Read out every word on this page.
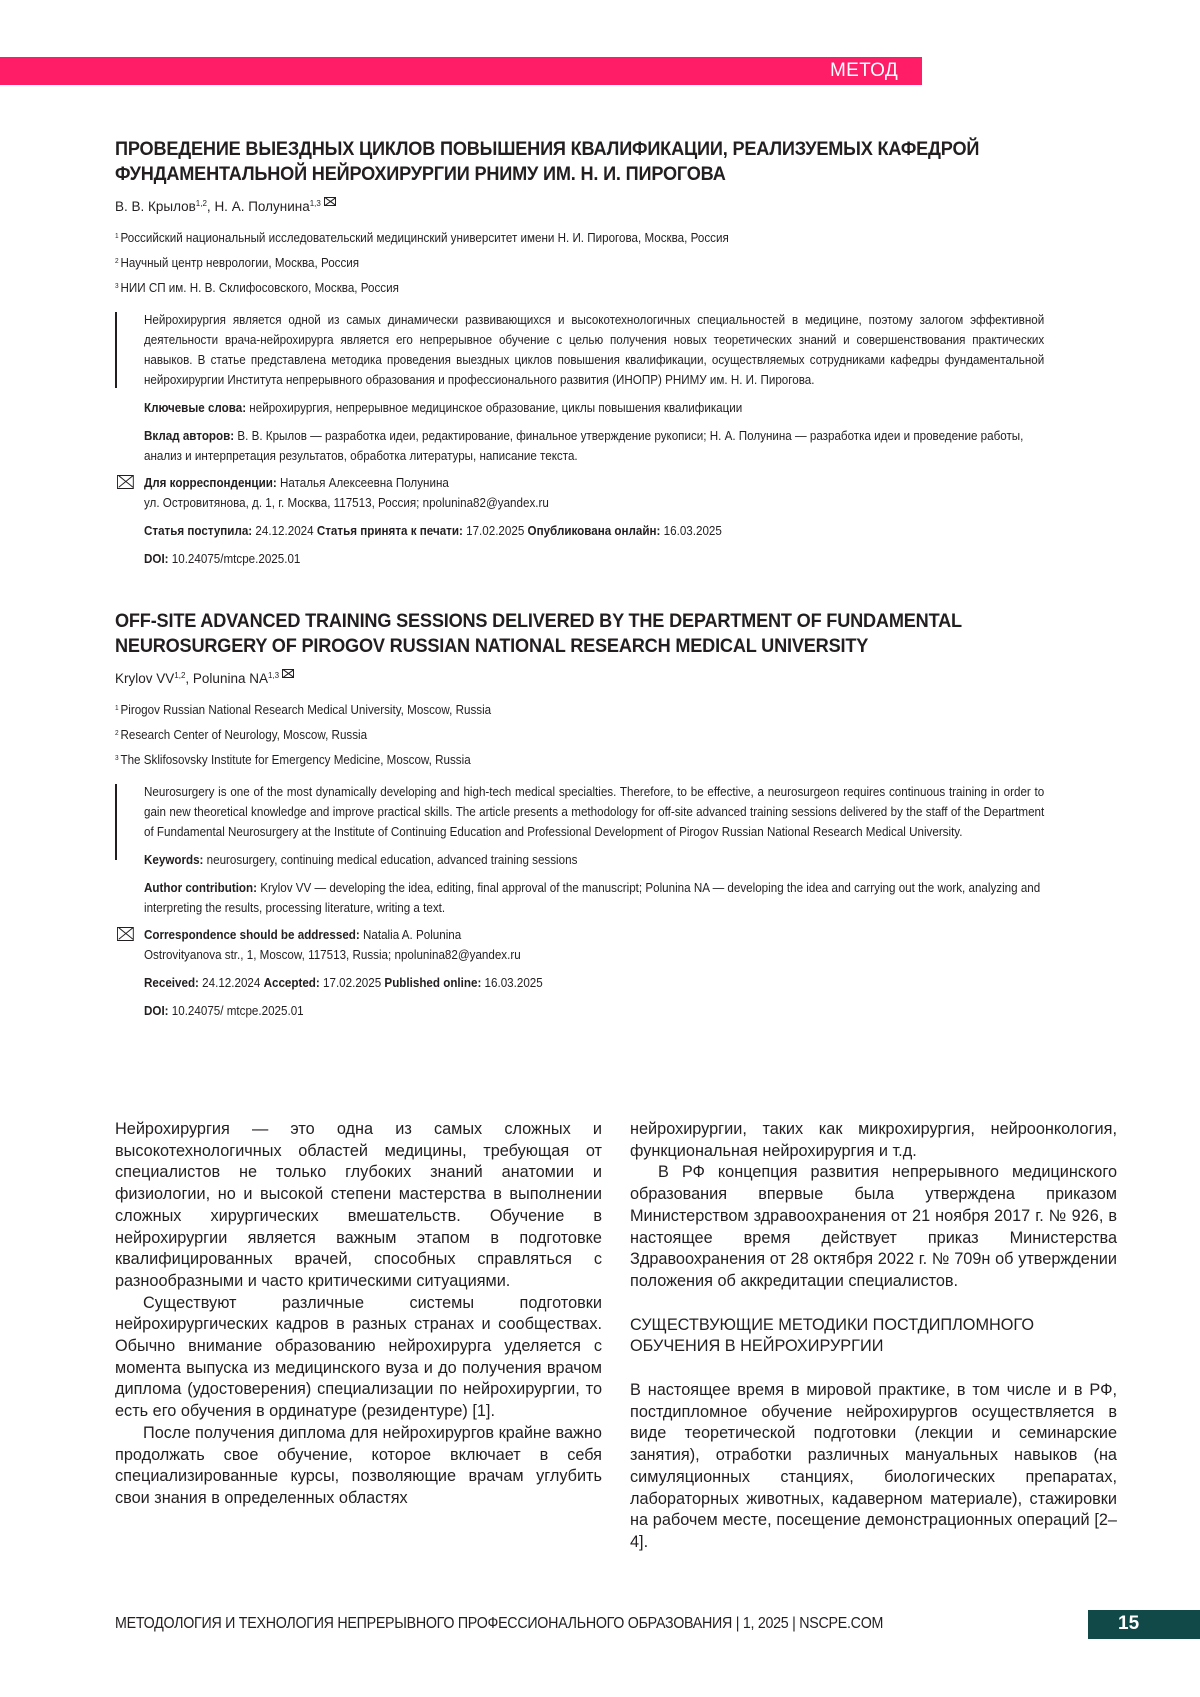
МЕТОД
ПРОВЕДЕНИЕ ВЫЕЗДНЫХ ЦИКЛОВ ПОВЫШЕНИЯ КВАЛИФИКАЦИИ, РЕАЛИЗУЕМЫХ КАФЕДРОЙ
ФУНДАМЕНТАЛЬНОЙ НЕЙРОХИРУРГИИ РНИМУ ИМ. Н. И. ПИРОГОВА
В. В. Крылов$^{1,2}$, Н. А. Полунина$^{1,3}$
$^1$ Российский национальный исследовательский медицинский университет имени Н. И. Пирогова, Москва, Россия
$^2$ Научный центр неврологии, Москва, Россия
$^3$ НИИ СП им. Н. В. Склифосовского, Москва, Россия
Нейрохирургия является одной из самых динамически развивающихся и высокотехнологичных специальностей в медицине, поэтому залогом эффективной деятельности врача-нейрохирурга является его непрерывное обучение с целью получения новых теоретических знаний и совершенствования практических навыков. В статье представлена методика проведения выездных циклов повышения квалификации, осуществляемых сотрудниками кафедры фундаментальной нейрохирургии Института непрерывного образования и профессионального развития (ИНОПР) РНИМУ им. Н. И. Пирогова.
Ключевые слова: нейрохирургия, непрерывное медицинское образование, циклы повышения квалификации
Вклад авторов: В. В. Крылов — разработка идеи, редактирование, финальное утверждение рукописи; Н. А. Полунина — разработка идеи и проведение работы, анализ и интерпретация результатов, обработка литературы, написание текста.
Для корреспонденции: Наталья Алексеевна Полунина
ул. Островитянова, д. 1, г. Москва, 117513, Россия; npolunina82@yandex.ru
Статья поступила: 24.12.2024 Статья принята к печати: 17.02.2025 Опубликована онлайн: 16.03.2025
DOI: 10.24075/mtcpe.2025.01
OFF-SITE ADVANCED TRAINING SESSIONS DELIVERED BY THE DEPARTMENT OF FUNDAMENTAL
NEUROSURGERY OF PIROGOV RUSSIAN NATIONAL RESEARCH MEDICAL UNIVERSITY
Krylov VV$^{1,2}$, Polunina NA$^{1,3}$
$^1$ Pirogov Russian National Research Medical University, Moscow, Russia
$^2$ Research Center of Neurology, Moscow, Russia
$^3$ The Sklifosovsky Institute for Emergency Medicine, Moscow, Russia
Neurosurgery is one of the most dynamically developing and high-tech medical specialties. Therefore, to be effective, a neurosurgeon requires continuous training in order to gain new theoretical knowledge and improve practical skills. The article presents a methodology for off-site advanced training sessions delivered by the staff of the Department of Fundamental Neurosurgery at the Institute of Continuing Education and Professional Development of Pirogov Russian National Research Medical University.
Keywords: neurosurgery, continuing medical education, advanced training sessions
Author contribution: Krylov VV — developing the idea, editing, final approval of the manuscript; Polunina NA — developing the idea and carrying out the work, analyzing and interpreting the results, processing literature, writing a text.
Correspondence should be addressed: Natalia A. Polunina
Ostrovityanova str., 1, Moscow, 117513, Russia; npolunina82@yandex.ru
Received: 24.12.2024 Accepted: 17.02.2025 Published online: 16.03.2025
DOI: 10.24075/ mtcpe.2025.01

Нейрохирургия — это одна из самых сложных и высокотехнологичных областей медицины, требующая от специалистов не только глубоких знаний анатомии и физиологии, но и высокой степени мастерства в выполнении сложных хирургических вмешательств. Обучение в нейрохирургии является важным этапом в подготовке квалифицированных врачей, способных справляться с разнообразными и часто критическими ситуациями.

Существуют различные системы подготовки нейрохирургических кадров в разных странах и сообществах. Обычно внимание образованию нейрохирурга уделяется с момента выпуска из медицинского вуза и до получения врачом диплома (удостоверения) специализации по нейрохирургии, то есть его обучения в ординатуре (резидентуре) [1].

После получения диплома для нейрохирургов крайне важно продолжать свое обучение, которое включает в себя специализированные курсы, позволяющие врачам углубить свои знания в определенных областях

нейрохирургии, таких как микрохирургия, нейроонкология, функциональная нейрохирургия и т.д.

В РФ концепция развития непрерывного медицинского образования впервые была утверждена приказом Министерством здравоохранения от 21 ноября 2017 г. № 926, в настоящее время действует приказ Министерства Здравоохранения от 28 октября 2022 г. № 709н об утверждении положения об аккредитации специалистов.

СУЩЕСТВУЮЩИЕ МЕТОДИКИ ПОСТДИПЛОМНОГО ОБУЧЕНИЯ В НЕЙРОХИРУРГИИ

В настоящее время в мировой практике, в том числе и в РФ, постдипломное обучение нейрохирургов осуществляется в виде теоретической подготовки (лекции и семинарские занятия), отработки различных мануальных навыков (на симуляционных станциях, биологических препаратах, лабораторных животных, кадаверном материале), стажировки на рабочем месте, посещение демонстрационных операций [2–4].

МЕТОДОЛОГИЯ И ТЕХНОЛОГИЯ НЕПРЕРЫВНОГО ПРОФЕССИОНАЛЬНОГО ОБРАЗОВАНИЯ | 1, 2025 | NSCPE.COM	15
